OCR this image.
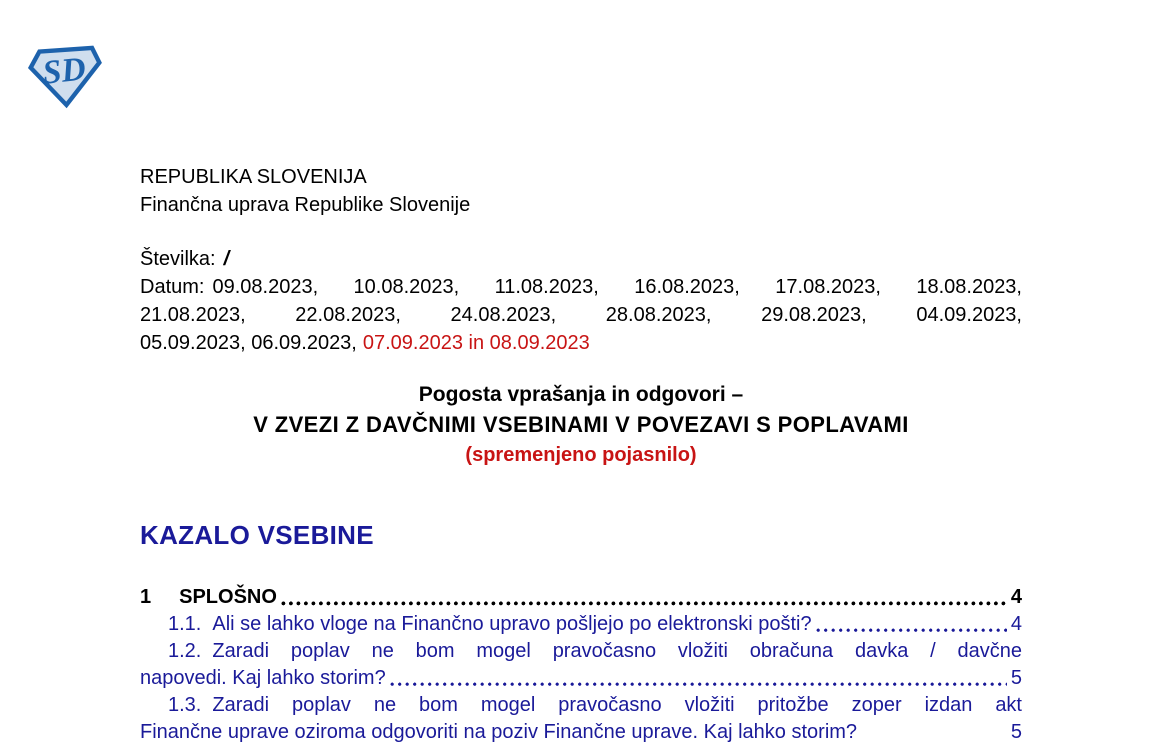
SD
REPUBLIKA SLOVENIJA
Finančna uprava Republike Slovenije
Številka: /
Datum: 09.08.2023, 10.08.2023, 11.08.2023, 16.08.2023, 17.08.2023, 18.08.2023,
21.08.2023, 22.08.2023, 24.08.2023, 28.08.2023, 29.08.2023, 04.09.2023,
05.09.2023, 06.09.2023, 07.09.2023 in 08.09.2023
Pogosta vprašanja in odgovori –
V ZVEZI Z DAVČNIMI VSEBINAMI V POVEZAVI S POPLAVAMI
(spremenjeno pojasnilo)
KAZALO VSEBINE
1 SPLOŠNO	4
1.1. Ali se lahko vloge na Finančno upravo pošljejo po elektronski pošti?	4
1.2. Zaradi poplav ne bom mogel pravočasno vložiti obračuna davka / davčne
napovedi. Kaj lahko storim?	5
1.3. Zaradi poplav ne bom mogel pravočasno vložiti pritožbe zoper izdan akt
Finančne uprave oziroma odgovoriti na poziv Finančne uprave. Kaj lahko storim?	5
